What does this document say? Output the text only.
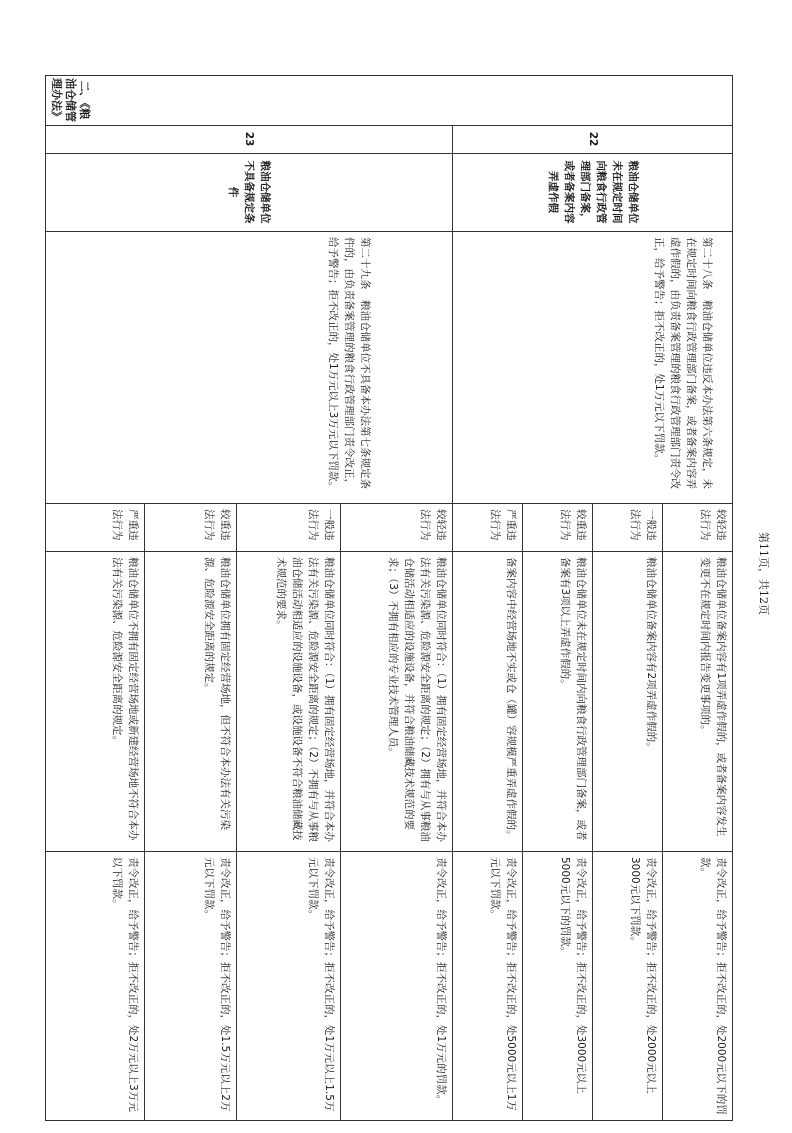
二、《粮油仓储管理办法》
22
粮油仓储单位未在规定时间向粮食行政管理部门备案，或者备案内容弄虚作假
第二十八条　粮油仓储单位违反本办法第六条规定，未在规定时间向粮食行政管理部门备案，或者备案内容弄虚作假的，由负责备案管理的粮食行政管理部门责令改正，给予警告；拒不改正的，处1万元以下罚款。
较轻违法行为
粮油仓储单位备案内容有1项弄虚作假的，或者备案内容发生变更不在规定时间内报告变更事项的。
责令改正，给予警告；拒不改正的，处2000元以下的罚款。
一般违法行为
粮油仓储单位备案内容有2项弄虚作假的。
责令改正，给予警告；拒不改正的，处2000元以上3000元以下罚款。
较重违法行为
粮油仓储单位未在规定时间内向粮食行政管理部门备案，或者备案有3项以上弄虚作假的。
责令改正，给予警告；拒不改正的，处3000元以上5000元以下的罚款。
严重违法行为
备案内容中经营场地不实或仓（罐）容规模严重弄虚作假的。
责令改正，给予警告；拒不改正的，处5000元以上1万元以下罚款。
23
粮油仓储单位不具备规定条件
第二十九条　粮油仓储单位不具备本办法第七条规定条件的，由负责备案管理的粮食行政管理部门责令改正，给予警告；拒不改正的，处1万元以上3万元以下罚款。
较轻违法行为
粮油仓储单位同时符合：（1）拥有固定经营场地，并符合本办法有关污染源、危险源安全距离的规定；（2）拥有与从事粮油仓储活动相适应的设施设备，并符合粮油储藏技术规范的要求；（3）不拥有相应的专业技术管理人员。
责令改正，给予警告；拒不改正的，处1万元的罚款。
一般违法行为
粮油仓储单位同时符合：（1）拥有固定经营场地，并符合本办法有关污染源、危险源安全距离的规定；（2）不拥有与从事粮油仓储活动相适应的设施设备，或设施设备不符合粮油储藏技术规范的要求。
责令改正，给予警告；拒不改正的，处1万元以上1.5万元以下罚款。
较重违法行为
粮油仓储单位拥有固定经营场地，但不符合本办法有关污染源、危险源安全距离的规定。
责令改正，给予警告；拒不改正的，处1.5万元以上2万元以下罚款。
严重违法行为
粮油仓储单位不拥有固定经营场地或新建经营场地不符合本办法有关污染源、危险源安全距离的规定。
责令改正，给予警告；拒不改正的，处2万元以上3万元以下罚款。
第11页，共12页
